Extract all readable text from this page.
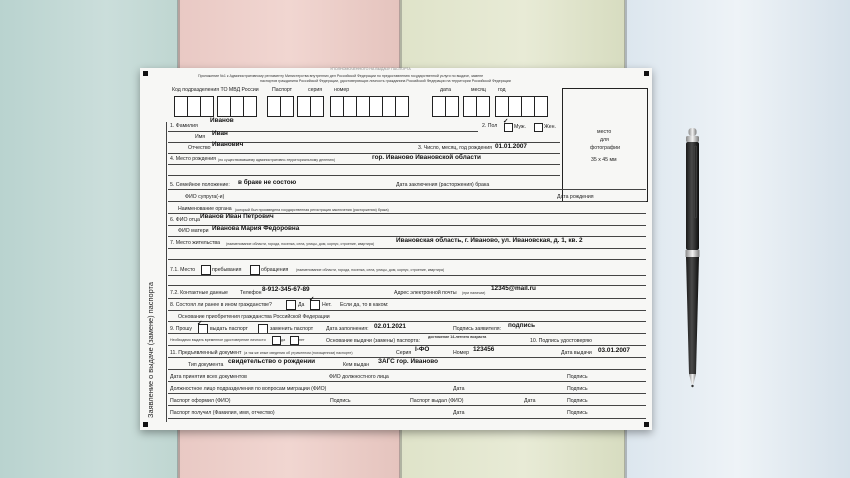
УПОЛНОМОЧЕННОГО НА ВЫДАЧУ ПАСПОРТА
Приложение №1 к Административному регламенту Министерства внутренних дел Российской Федерации по предоставлению государственной услуги по выдаче, замене
паспортов гражданина Российской Федерации, удостоверяющих личность гражданина Российской Федерации на территории Российской Федерации
Код подразделения ТО МВД России	Паспорт	серия номер	дата	месяц год
место
для
фотографии
35 х 45 мм
Заявление о выдаче (замене) паспорта
1. Фамилия
Иванов
2. Пол
✓
Муж.	Жен.
Имя Иван
Отчество Иванович	3. Число, месяц, год рождения 01.01.2007
4. Место рождения (по существовавшему административно-территориальному делению)	гор. Иваново Ивановской области
5. Семейное положение: в браке не состою	Дата заключения (расторжения) брака
ФИО супруга(-и)	Дата рождения
Наименование органа (который был произведена государственная регистрация заключения (расторжения) брака)
6. ФИО отца Иванов Иван Петрович
ФИО матери Иванова Мария Федоровна
7. Место жительства (наименование области, города, поселка, села, улицы, дом, корпус, строение, квартира)	Ивановская область, г. Иваново, ул. Ивановская, д. 1, кв. 2
7.1. Место	пребывания	обращения (наименование области, города, поселка, села, улицы, дом, корпус, строение, квартира)
7.2. Контактные данные Телефон 8-912-345-67-89	Адрес электронной почты (при наличии)
12345@mail.ru
8. Состоял ли ранее в ином гражданстве?	Да
✓
Нет. Если да, то в каком:
Основание приобретения гражданства Российской Федерации
9. Прошу
✓
выдать паспорт	заменить паспорт Дата заполнения: 02.01.2021	Подпись заявителя: подпись
Необходимо выдать временное удостоверение личности	да	нет	Основание выдачи (замены) паспорта:
достижение 14-летнего возраста
10. Подпись удостоверяю
11. Предъявленный документ (а так же иные сведения об утраченном (похищенном) паспорте)	Серия I-ФО	Номер 123456	Дата выдачи 03.01.2007
Тип документа свидетельство о рождении	Кем выдан ЗАГС гор. Иваново
Дата принятия всех документов	ФИО должностного лица	Подпись
Должностное лицо подразделения по вопросам миграции (ФИО)	Дата	Подпись
Паспорт оформил (ФИО)	Подпись	Паспорт выдал (ФИО)	Дата	Подпись
Паспорт получил (Фамилия, имя, отчество)	Дата	Подпись
